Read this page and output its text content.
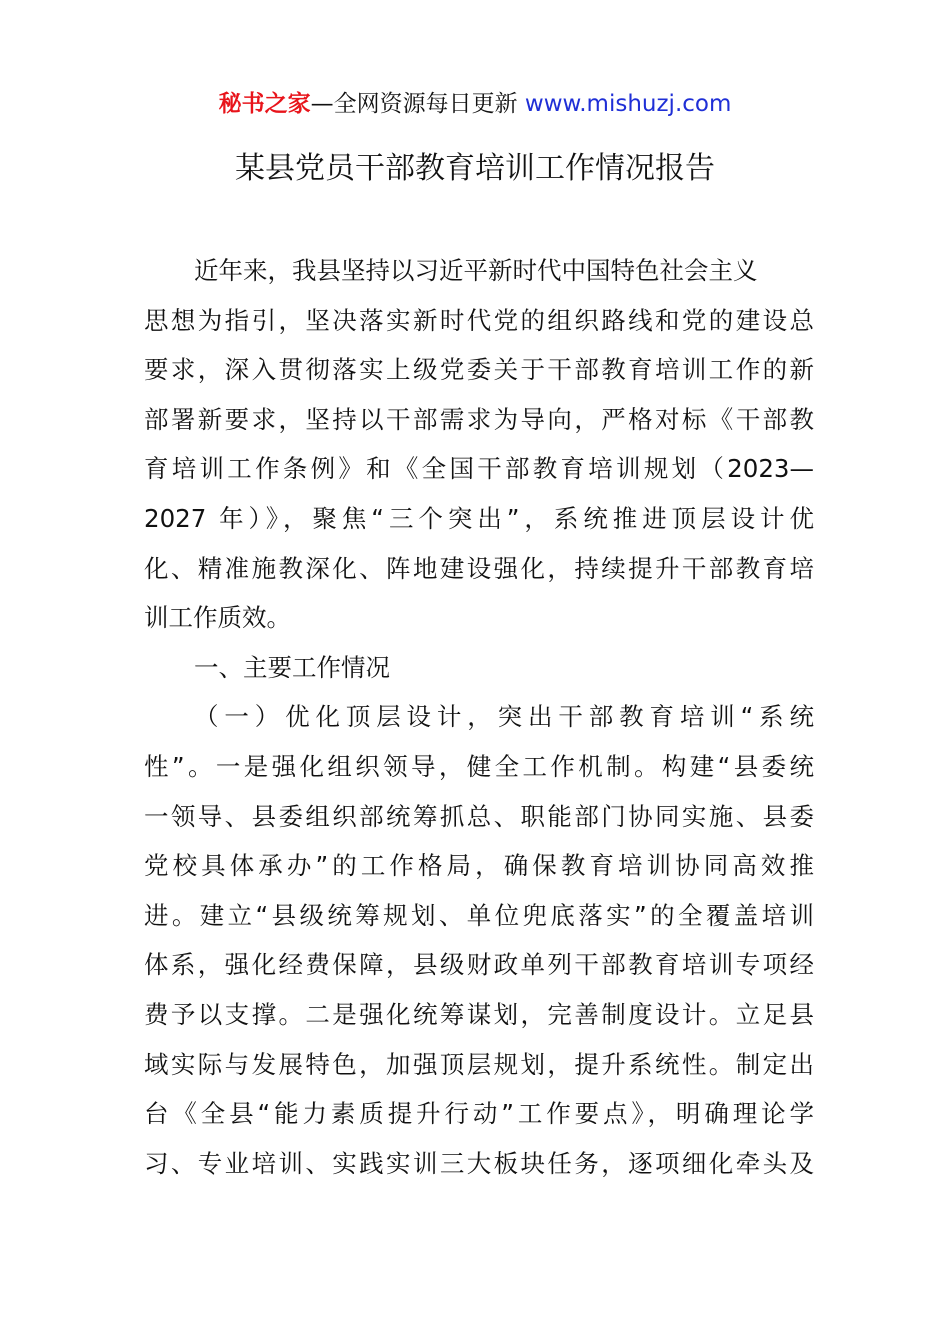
秘书之家—全网资源每日更新 www.mishuzj.com
某县党员干部教育培训工作情况报告
近年来，我县坚持以习近平新时代中国特色社会主义
思想为指引，坚决落实新时代党的组织路线和党的建设总
要求，深入贯彻落实上级党委关于干部教育培训工作的新
部署新要求，坚持以干部需求为导向，严格对标《干部教
育培训工作条例》和《全国干部教育培训规划（2023—
2027 年）》，聚焦“三个突出”，系统推进顶层设计优
化、精准施教深化、阵地建设强化，持续提升干部教育培
训工作质效。
一、主要工作情况
（一）优化顶层设计，突出干部教育培训“系统
性”。一是强化组织领导，健全工作机制。构建“县委统
一领导、县委组织部统筹抓总、职能部门协同实施、县委
党校具体承办”的工作格局，确保教育培训协同高效推
进。建立“县级统筹规划、单位兜底落实”的全覆盖培训
体系，强化经费保障，县级财政单列干部教育培训专项经
费予以支撑。二是强化统筹谋划，完善制度设计。立足县
域实际与发展特色，加强顶层规划，提升系统性。制定出
台《全县“能力素质提升行动”工作要点》，明确理论学
习、专业培训、实践实训三大板块任务，逐项细化牵头及
